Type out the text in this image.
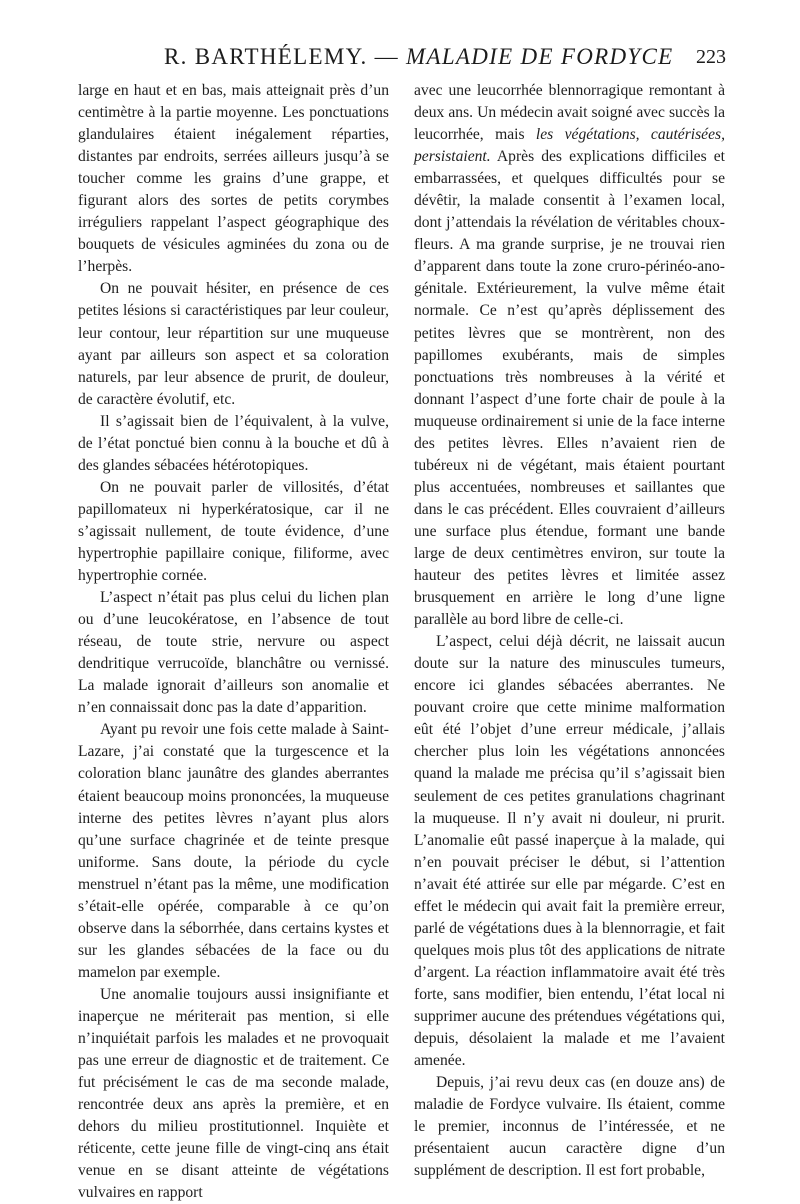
R. BARTHÉLEMY. — MALADIE DE FORDYCE 223

large en haut et en bas, mais atteignait près d’un centimètre à la partie moyenne. Les ponctuations glandulaires étaient inégalement réparties, distantes par endroits, serrées ailleurs jusqu’à se toucher comme les grains d’une grappe, et figurant alors des sortes de petits corymbes irréguliers rappelant l’aspect géographique des bouquets de vésicules agminées du zona ou de l’herpès.

On ne pouvait hésiter, en présence de ces petites lésions si caractéristiques par leur couleur, leur contour, leur répartition sur une muqueuse ayant par ailleurs son aspect et sa coloration naturels, par leur absence de prurit, de douleur, de caractère évolutif, etc.

Il s’agissait bien de l’équivalent, à la vulve, de l’état ponctué bien connu à la bouche et dû à des glandes sébacées hétérotopiques.

On ne pouvait parler de villosités, d’état papillomateux ni hyperkératosique, car il ne s’agissait nullement, de toute évidence, d’une hypertrophie papillaire conique, filiforme, avec hypertrophie cornée.

L’aspect n’était pas plus celui du lichen plan ou d’une leucokératose, en l’absence de tout réseau, de toute strie, nervure ou aspect dendritique verrucoïde, blanchâtre ou vernissé. La malade ignorait d’ailleurs son anomalie et n’en connaissait donc pas la date d’apparition.

Ayant pu revoir une fois cette malade à Saint-Lazare, j’ai constaté que la turgescence et la coloration blanc jaunâtre des glandes aberrantes étaient beaucoup moins prononcées, la muqueuse interne des petites lèvres n’ayant plus alors qu’une surface chagrinée et de teinte presque uniforme. Sans doute, la période du cycle menstruel n’étant pas la même, une modification s’était-elle opérée, comparable à ce qu’on observe dans la séborrhée, dans certains kystes et sur les glandes sébacées de la face ou du mamelon par exemple.

Une anomalie toujours aussi insignifiante et inaperçue ne mériterait pas mention, si elle n’inquiétait parfois les malades et ne provoquait pas une erreur de diagnostic et de traitement. Ce fut précisément le cas de ma seconde malade, rencontrée deux ans après la première, et en dehors du milieu prostitutionnel. Inquiète et réticente, cette jeune fille de vingt-cinq ans était venue en se disant atteinte de végétations vulvaires en rapport

avec une leucorrhée blennorragique remontant à deux ans. Un médecin avait soigné avec succès la leucorrhée, mais les végétations, cautérisées, persistaient. Après des explications difficiles et embarrassées, et quelques difficultés pour se dévêtir, la malade consentit à l’examen local, dont j’attendais la révélation de véritables choux-fleurs. A ma grande surprise, je ne trouvai rien d’apparent dans toute la zone cruro-périnéo-ano-génitale. Extérieurement, la vulve même était normale. Ce n’est qu’après déplissement des petites lèvres que se montrèrent, non des papillomes exubérants, mais de simples ponctuations très nombreuses à la vérité et donnant l’aspect d’une forte chair de poule à la muqueuse ordinairement si unie de la face interne des petites lèvres. Elles n’avaient rien de tubéreux ni de végétant, mais étaient pourtant plus accentuées, nombreuses et saillantes que dans le cas précédent. Elles couvraient d’ailleurs une surface plus étendue, formant une bande large de deux centimètres environ, sur toute la hauteur des petites lèvres et limitée assez brusquement en arrière le long d’une ligne parallèle au bord libre de celle-ci.

L’aspect, celui déjà décrit, ne laissait aucun doute sur la nature des minuscules tumeurs, encore ici glandes sébacées aberrantes. Ne pouvant croire que cette minime malformation eût été l’objet d’une erreur médicale, j’allais chercher plus loin les végétations annoncées quand la malade me précisa qu’il s’agissait bien seulement de ces petites granulations chagrinant la muqueuse. Il n’y avait ni douleur, ni prurit. L’anomalie eût passé inaperçue à la malade, qui n’en pouvait préciser le début, si l’attention n’avait été attirée sur elle par mégarde. C’est en effet le médecin qui avait fait la première erreur, parlé de végétations dues à la blennorragie, et fait quelques mois plus tôt des applications de nitrate d’argent. La réaction inflammatoire avait été très forte, sans modifier, bien entendu, l’état local ni supprimer aucune des prétendues végétations qui, depuis, désolaient la malade et me l’avaient amenée.

Depuis, j’ai revu deux cas (en douze ans) de maladie de Fordyce vulvaire. Ils étaient, comme le premier, inconnus de l’intéressée, et ne présentaient aucun caractère digne d’un supplément de description. Il est fort probable,
